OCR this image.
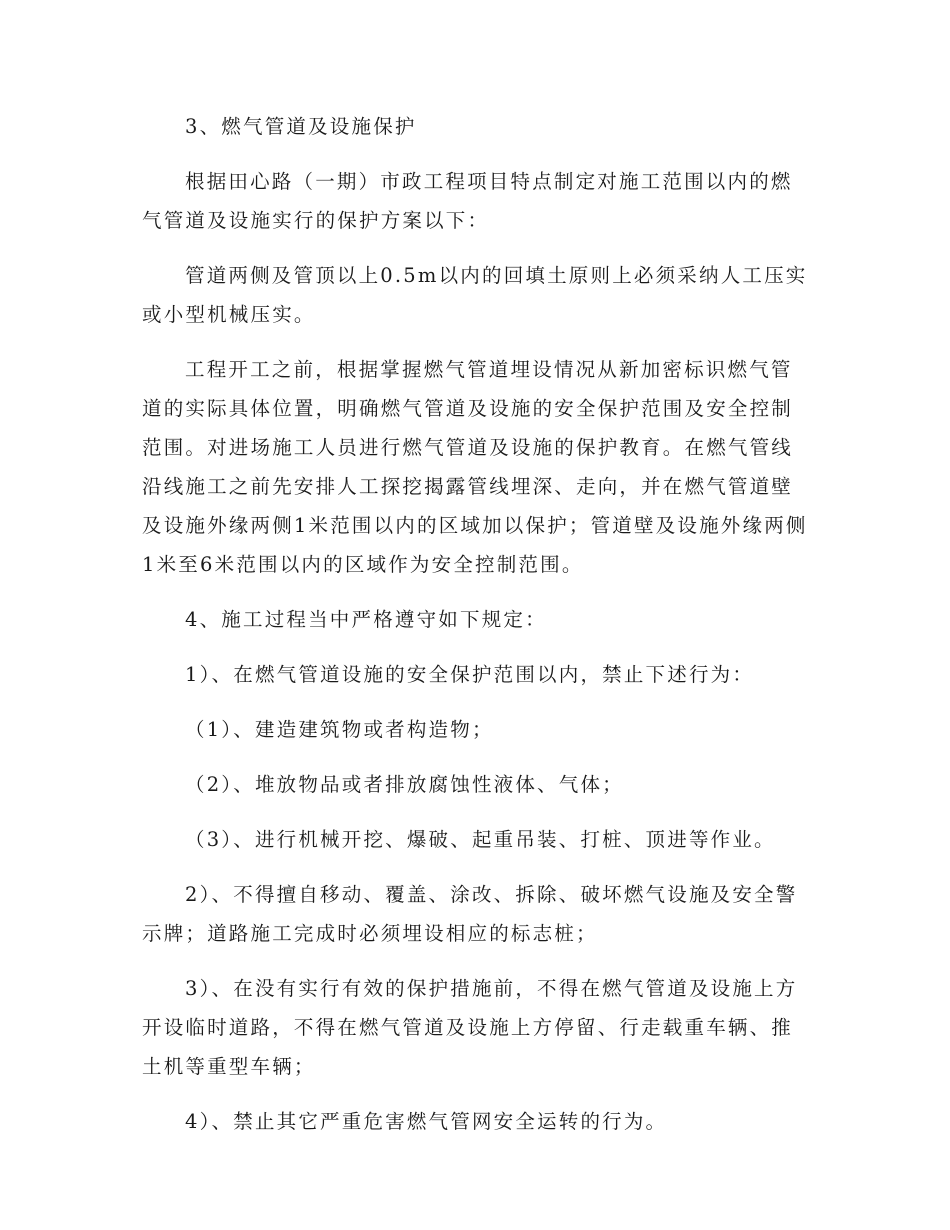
3、燃气管道及设施保护

根据田心路（一期）市政工程项目特点制定对施工范围以内的燃气管道及设施实行的保护方案以下：

管道两侧及管顶以上0.5m以内的回填土原则上必须采纳人工压实或小型机械压实。

工程开工之前，根据掌握燃气管道埋设情况从新加密标识燃气管道的实际具体位置，明确燃气管道及设施的安全保护范围及安全控制范围。对进场施工人员进行燃气管道及设施的保护教育。在燃气管线沿线施工之前先安排人工探挖揭露管线埋深、走向，并在燃气管道壁及设施外缘两侧1米范围以内的区域加以保护；管道壁及设施外缘两侧1米至6米范围以内的区域作为安全控制范围。

4、施工过程当中严格遵守如下规定：

1）、在燃气管道设施的安全保护范围以内，禁止下述行为：

（1）、建造建筑物或者构造物；

（2）、堆放物品或者排放腐蚀性液体、气体；

（3）、进行机械开挖、爆破、起重吊装、打桩、顶进等作业。

2）、不得擅自移动、覆盖、涂改、拆除、破坏燃气设施及安全警示牌；道路施工完成时必须埋设相应的标志桩；

3）、在没有实行有效的保护措施前，不得在燃气管道及设施上方开设临时道路，不得在燃气管道及设施上方停留、行走载重车辆、推土机等重型车辆；

4）、禁止其它严重危害燃气管网安全运转的行为。
